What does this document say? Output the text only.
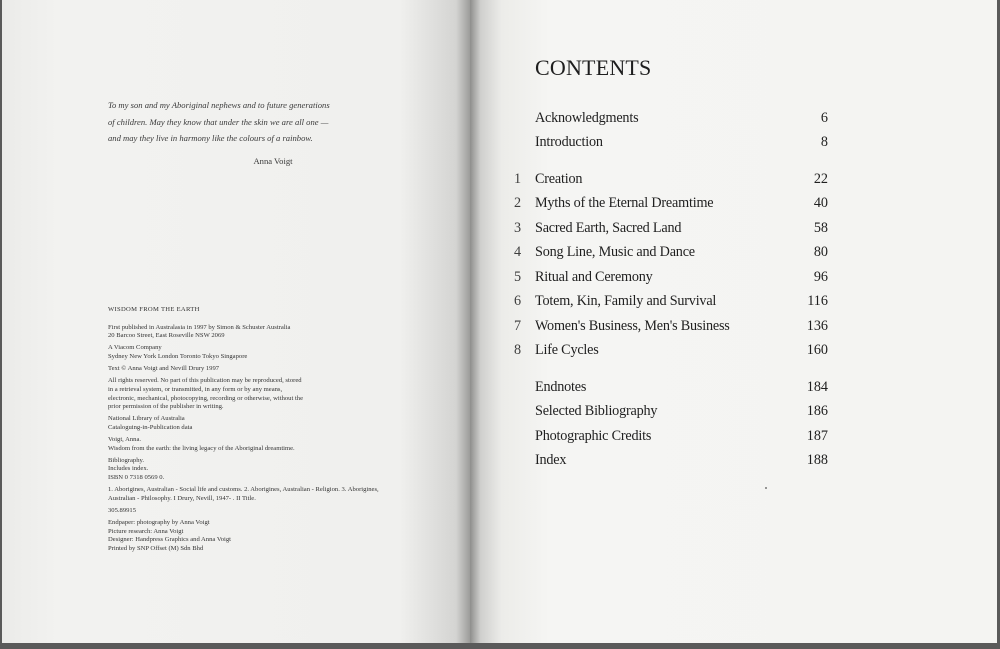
To my son and my Aboriginal nephews and to future generations
of children. May they know that under the skin we are all one —
and may they live in harmony like the colours of a rainbow.
Anna Voigt
WISDOM FROM THE EARTH
First published in Australasia in 1997 by Simon & Schuster Australia
20 Barcoo Street, East Roseville NSW 2069
A Viacom Company
Sydney New York London Toronto Tokyo Singapore
Text © Anna Voigt and Nevill Drury 1997
All rights reserved. No part of this publication may be reproduced, stored
in a retrieval system, or transmitted, in any form or by any means,
electronic, mechanical, photocopying, recording or otherwise, without the
prior permission of the publisher in writing.
National Library of Australia
Cataloguing-in-Publication data
Voigt, Anna.
Wisdom from the earth: the living legacy of the Aboriginal dreamtime.
Bibliography.
Includes index.
ISBN 0 7318 0569 0.
1. Aborigines, Australian - Social life and customs. 2. Aborigines, Australian - Religion. 3. Aborigines,
Australian - Philosophy. I Drury, Nevill, 1947- . II Title.
305.89915
Endpaper: photography by Anna Voigt
Picture research: Anna Voigt
Designer: Handpress Graphics and Anna Voigt
Printed by SNP Offset (M) Sdn Bhd
CONTENTS
Acknowledgments	6
Introduction	8
1 Creation	22
2 Myths of the Eternal Dreamtime	40
3 Sacred Earth, Sacred Land	58
4 Song Line, Music and Dance	80
5 Ritual and Ceremony	96
6 Totem, Kin, Family and Survival	116
7 Women's Business, Men's Business	136
8 Life Cycles	160
Endnotes	184
Selected Bibliography	186
Photographic Credits	187
Index	188
